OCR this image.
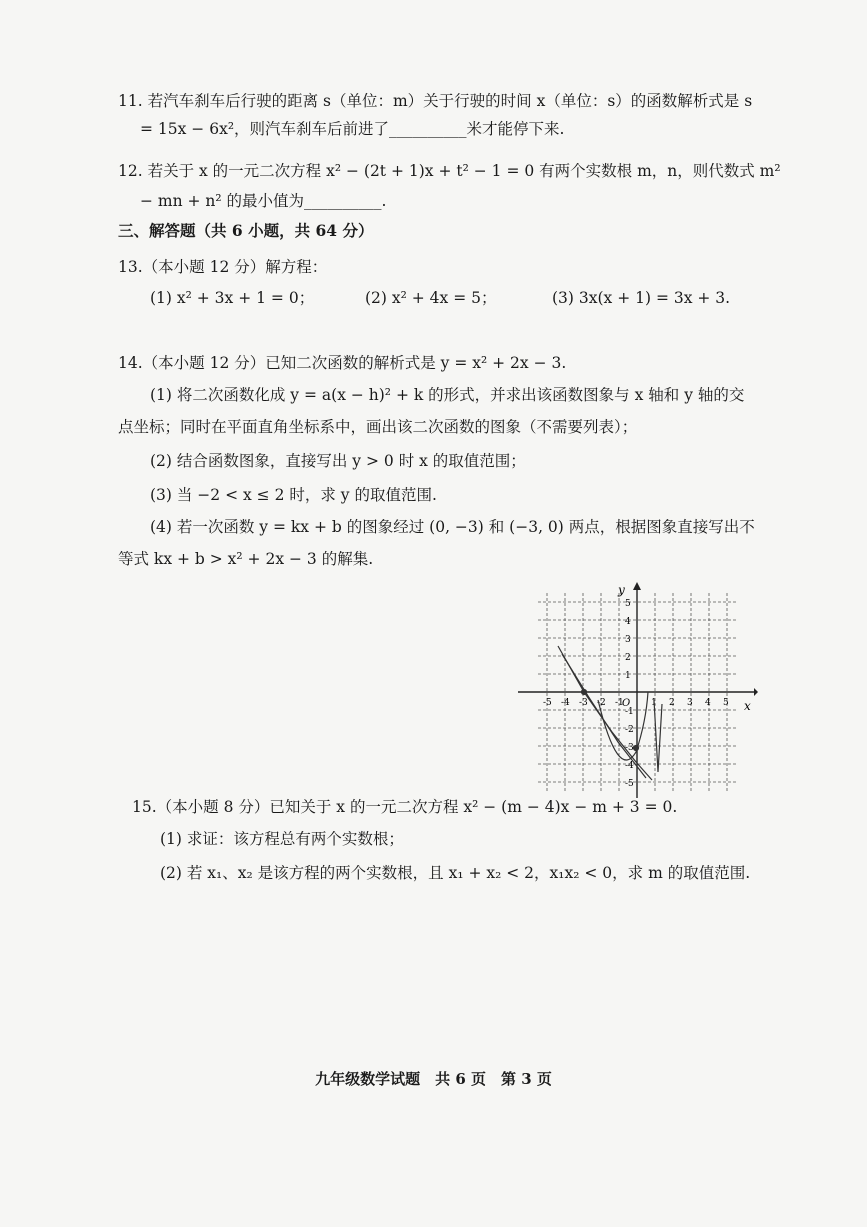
11. 若汽车刹车后行驶的距离 s（单位：m）关于行驶的时间 x（单位：s）的函数解析式是 s
= 15x − 6x²，则汽车刹车后前进了__________米才能停下来.
12. 若关于 x 的一元二次方程 x² − (2t + 1)x + t² − 1 = 0 有两个实数根 m，n，则代数式 m²
− mn + n² 的最小值为__________.
三、解答题（共 6 小题，共 64 分）
13.（本小题 12 分）解方程：
(1) x² + 3x + 1 = 0；	(2) x² + 4x = 5；	(3) 3x(x + 1) = 3x + 3.
14.（本小题 12 分）已知二次函数的解析式是 y = x² + 2x − 3.
(1) 将二次函数化成 y = a(x − h)² + k 的形式，并求出该函数图象与 x 轴和 y 轴的交
点坐标；同时在平面直角坐标系中，画出该二次函数的图象（不需要列表）；
(2) 结合函数图象，直接写出 y > 0 时 x 的取值范围；
(3) 当 −2 < x ≤ 2 时，求 y 的取值范围.
(4) 若一次函数 y = kx + b 的图象经过 (0, −3) 和 (−3, 0) 两点，根据图象直接写出不
等式 kx + b > x² + 2x − 3 的解集.
y
x
O
-5 -4 -3 -2 -1	1 2 3 4 5
5
4
3
2
1
-1
-2
-3
-4
-5
15.（本小题 8 分）已知关于 x 的一元二次方程 x² − (m − 4)x − m + 3 = 0.
(1) 求证：该方程总有两个实数根；
(2) 若 x₁、x₂ 是该方程的两个实数根，且 x₁ + x₂ < 2，x₁x₂ < 0，求 m 的取值范围.
九年级数学试题　共 6 页　第 3 页
